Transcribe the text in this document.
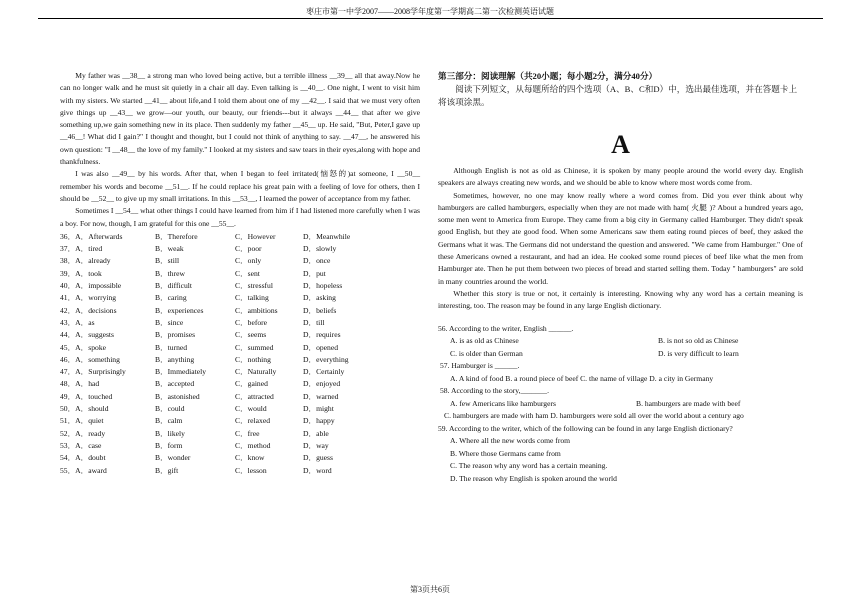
枣庄市第一中学2007——2008学年度第一学期高二第一次检测英语试题

My father was __38__ a strong man who loved being active, but a terrible illness __39__ all that away.Now he can no longer walk and he must sit quietly in a chair all day. Even talking is __40__. One night, I went to visit him with my sisters. We started __41__ about life,and I told them about one of my __42__. I said that we must very often give things up __43__ we grow—our youth, our beauty, our friends---but it always __44__ that after we give something up,we gain something new in its place. Then suddenly my father __45__ up. He said, "But, Peter,I gave up __46__! What did I gain?" I thought and thought, but I could not think of anything to say. __47__, he answered his own question: "I __48__ the love of my family." I looked at my sisters and saw tears in their eyes,along with hope and thankfulness.

I was also __49__ by his words. After that, when I began to feel irritated(恼怒的)at someone, I __50__ remember his words and become __51__. If he could replace his great pain with a feeling of love for others, then I should be __52__ to give up my small irritations. In this __53__, I learned the power of acceptance from my father.

Sometimes I __54__ what other things I could have learned from him if I had listened more carefully when I was a boy. For now, though, I am grateful for this one __55__.

36．A．Afterwards	B．Therefore	C．However	D．Meanwhile
37．A．tired	B．weak	C．poor	D．slowly
38．A．already	B．still	C．only	D．once
39．A．took	B．threw	C．sent	D．put
40．A．impossible	B．difficult	C．stressful	D．hopeless
41．A．worrying	B．caring	C．talking	D．asking
42．A．decisions	B．experiences	C．ambitions	D．beliefs
43．A．as	B．since	C．before	D．till
44．A．suggests	B．promises	C．seems	D．requires
45．A．spoke	B．turned	C．summed	D．opened
46．A．something	B．anything	C．nothing	D．everything
47．A．Surprisingly	B．Immediately	C．Naturally	D．Certainly
48．A．had	B．accepted	C．gained	D．enjoyed
49．A．touched	B．astonished	C．attracted	D．warned
50．A．should	B．could	C．would	D．might
51．A．quiet	B．calm	C．relaxed	D．happy
52．A．ready	B．likely	C．free	D．able
53．A．case	B．form	C．method	D．way
54．A．doubt	B．wonder	C．know	D．guess
55．A．award	B．gift	C．lesson	D．word
第三部分：阅读理解（共20小题；每小题2分，满分40分）
阅读下列短文，从每题所给的四个选项（A、B、C和D）中，选出最佳选项，并在答题卡上将该项涂黑。
A

Although English is not as old as Chinese, it is spoken by many people around the world every day. English speakers are always creating new words, and we should be able to know where most words come from.

Sometimes, however, no one may know really where a word comes from. Did you ever think about why hamburgers are called hamburgers, especially when they are not made with ham( 火腿 )? About a hundred years ago, some men went to America from Europe. They came from a big city in Germany called Hamburger. They didn't speak good English, but they ate good food. When some Americans saw them eating round pieces of beef, they asked the Germans what it was. The Germans did not understand the question and answered. "We came from Hamburger." One of these Americans owned a restaurant, and had an idea. He cooked some round pieces of beef like what the men from Hamburger ate. Then he put them between two pieces of bread and started selling them. Today " hamburgers" are sold in many countries around the world.

Whether this story is true or not, it certainly is interesting. Knowing why any word has a certain meaning is interesting, too. The reason may be found in any large English dictionary.

56. According to the writer, English ______.
A. is as old as Chinese	B. is not so old as Chinese
C. is older than German	D. is very difficult to learn
57. Hamburger is ______.
A. A kind of food B. a round piece of beef C. the name of village D. a city in Germany
58. According to the story,_______.
A. few Americans like hamburgers	B. hamburgers are made with beef
C. hamburgers are made with ham D. hamburgers were sold all over the world about a century ago
59. According to the writer, which of the following can be found in any large English dictionary?
A. Where all the new words come from
B. Where those Germans came from
C. The reason why any word has a certain meaning.
D. The reason why English is spoken around the world
第3页共6页
